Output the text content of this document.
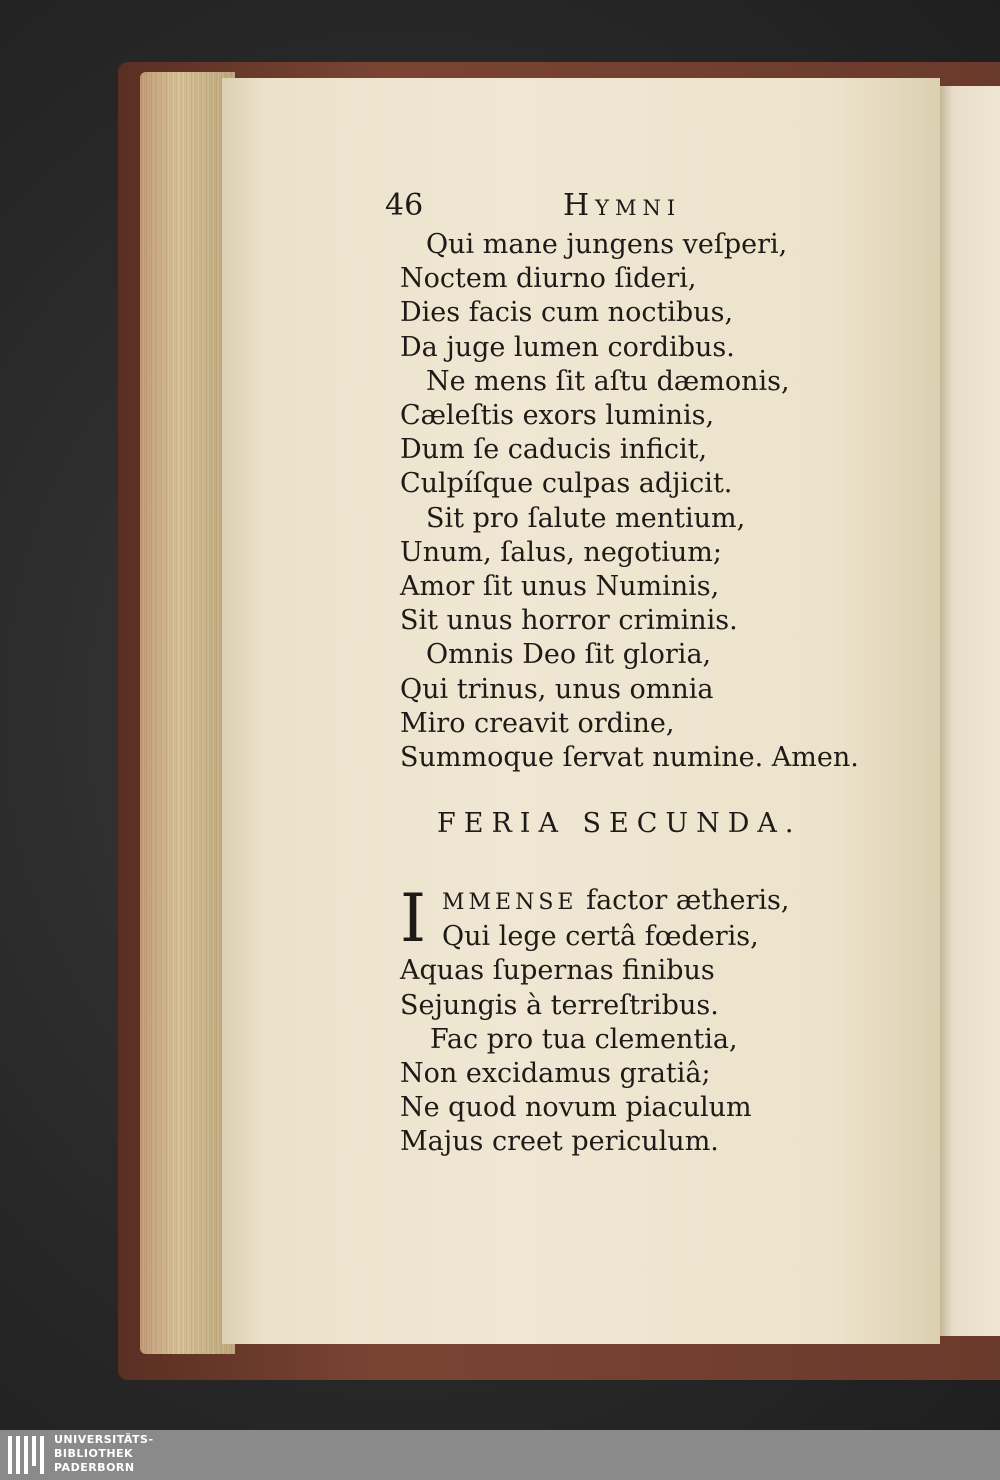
46	Hymni
Qui mane jungens veſperi,
Noctem diurno ſideri,
Dies facis cum noctibus,
Da juge lumen cordibus.
Ne mens ſit aſtu dæmonis,
Cæleſtis exors luminis,
Dum ſe caducis inficit,
Culpíſque culpas adjicit.
Sit pro ſalute mentium,
Unum, ſalus, negotium;
Amor ſit unus Numinis,
Sit unus horror criminis.
Omnis Deo ſit gloria,
Qui trinus, unus omnia
Miro creavit ordine,
Summoque ſervat numine. Amen.
FERIA SECUNDA.
I MMENSE factor ætheris,
Qui lege certâ fœderis,
Aquas ſupernas finibus
Sejungis à terreſtribus.
Fac pro tua clementia,
Non excidamus gratiâ;
Ne quod novum piaculum
Majus creet periculum.
UNIVERSITÄTS-
BIBLIOTHEK
PADERBORN
